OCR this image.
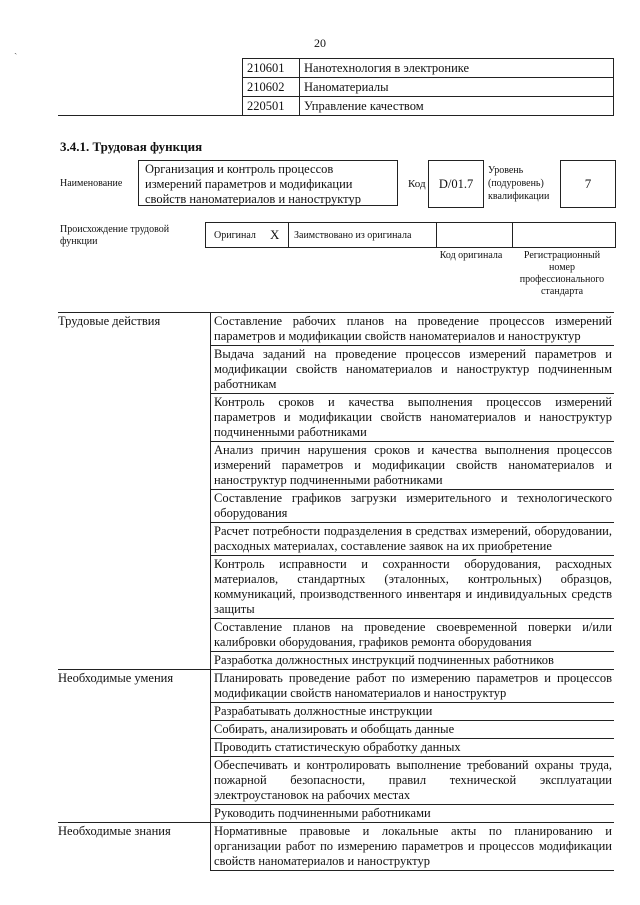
20
ˎ
	210601	Нанотехнология в электронике
	210602	Наноматериалы
	220501	Управление качеством
3.4.1. Трудовая функция
Наименование
Организация и контроль процессов измерений параметров и модификации свойств наноматериалов и наноструктур
Код	D/01.7
Уровень (подуровень) квалификации
7
Происхождение трудовой функции
Оригинал X Заимствовано из оригинала
Код оригинала	Регистрационный номер профессионального стандарта
Трудовые действия	Составление рабочих планов на проведение процессов измерений параметров и модификации свойств наноматериалов и наноструктур
	Выдача заданий на проведение процессов измерений параметров и модификации свойств наноматериалов и наноструктур подчиненным работникам
	Контроль сроков и качества выполнения процессов измерений параметров и модификации свойств наноматериалов и наноструктур подчиненными работниками
	Анализ причин нарушения сроков и качества выполнения процессов измерений параметров и модификации свойств наноматериалов и наноструктур подчиненными работниками
	Составление графиков загрузки измерительного и технологического оборудования
	Расчет потребности подразделения в средствах измерений, оборудовании, расходных материалах, составление заявок на их приобретение
	Контроль исправности и сохранности оборудования, расходных материалов, стандартных (эталонных, контрольных) образцов, коммуникаций, производственного инвентаря и индивидуальных средств защиты
	Составление планов на проведение своевременной поверки и/или калибровки оборудования, графиков ремонта оборудования
	Разработка должностных инструкций подчиненных работников
Необходимые умения	Планировать проведение работ по измерению параметров и процессов модификации свойств наноматериалов и наноструктур
	Разрабатывать должностные инструкции
	Собирать, анализировать и обобщать данные
	Проводить статистическую обработку данных
	Обеспечивать и контролировать выполнение требований охраны труда, пожарной безопасности, правил технической эксплуатации электроустановок на рабочих местах
	Руководить подчиненными работниками
Необходимые знания	Нормативные правовые и локальные акты по планированию и организации работ по измерению параметров и процессов модификации свойств наноматериалов и наноструктур
